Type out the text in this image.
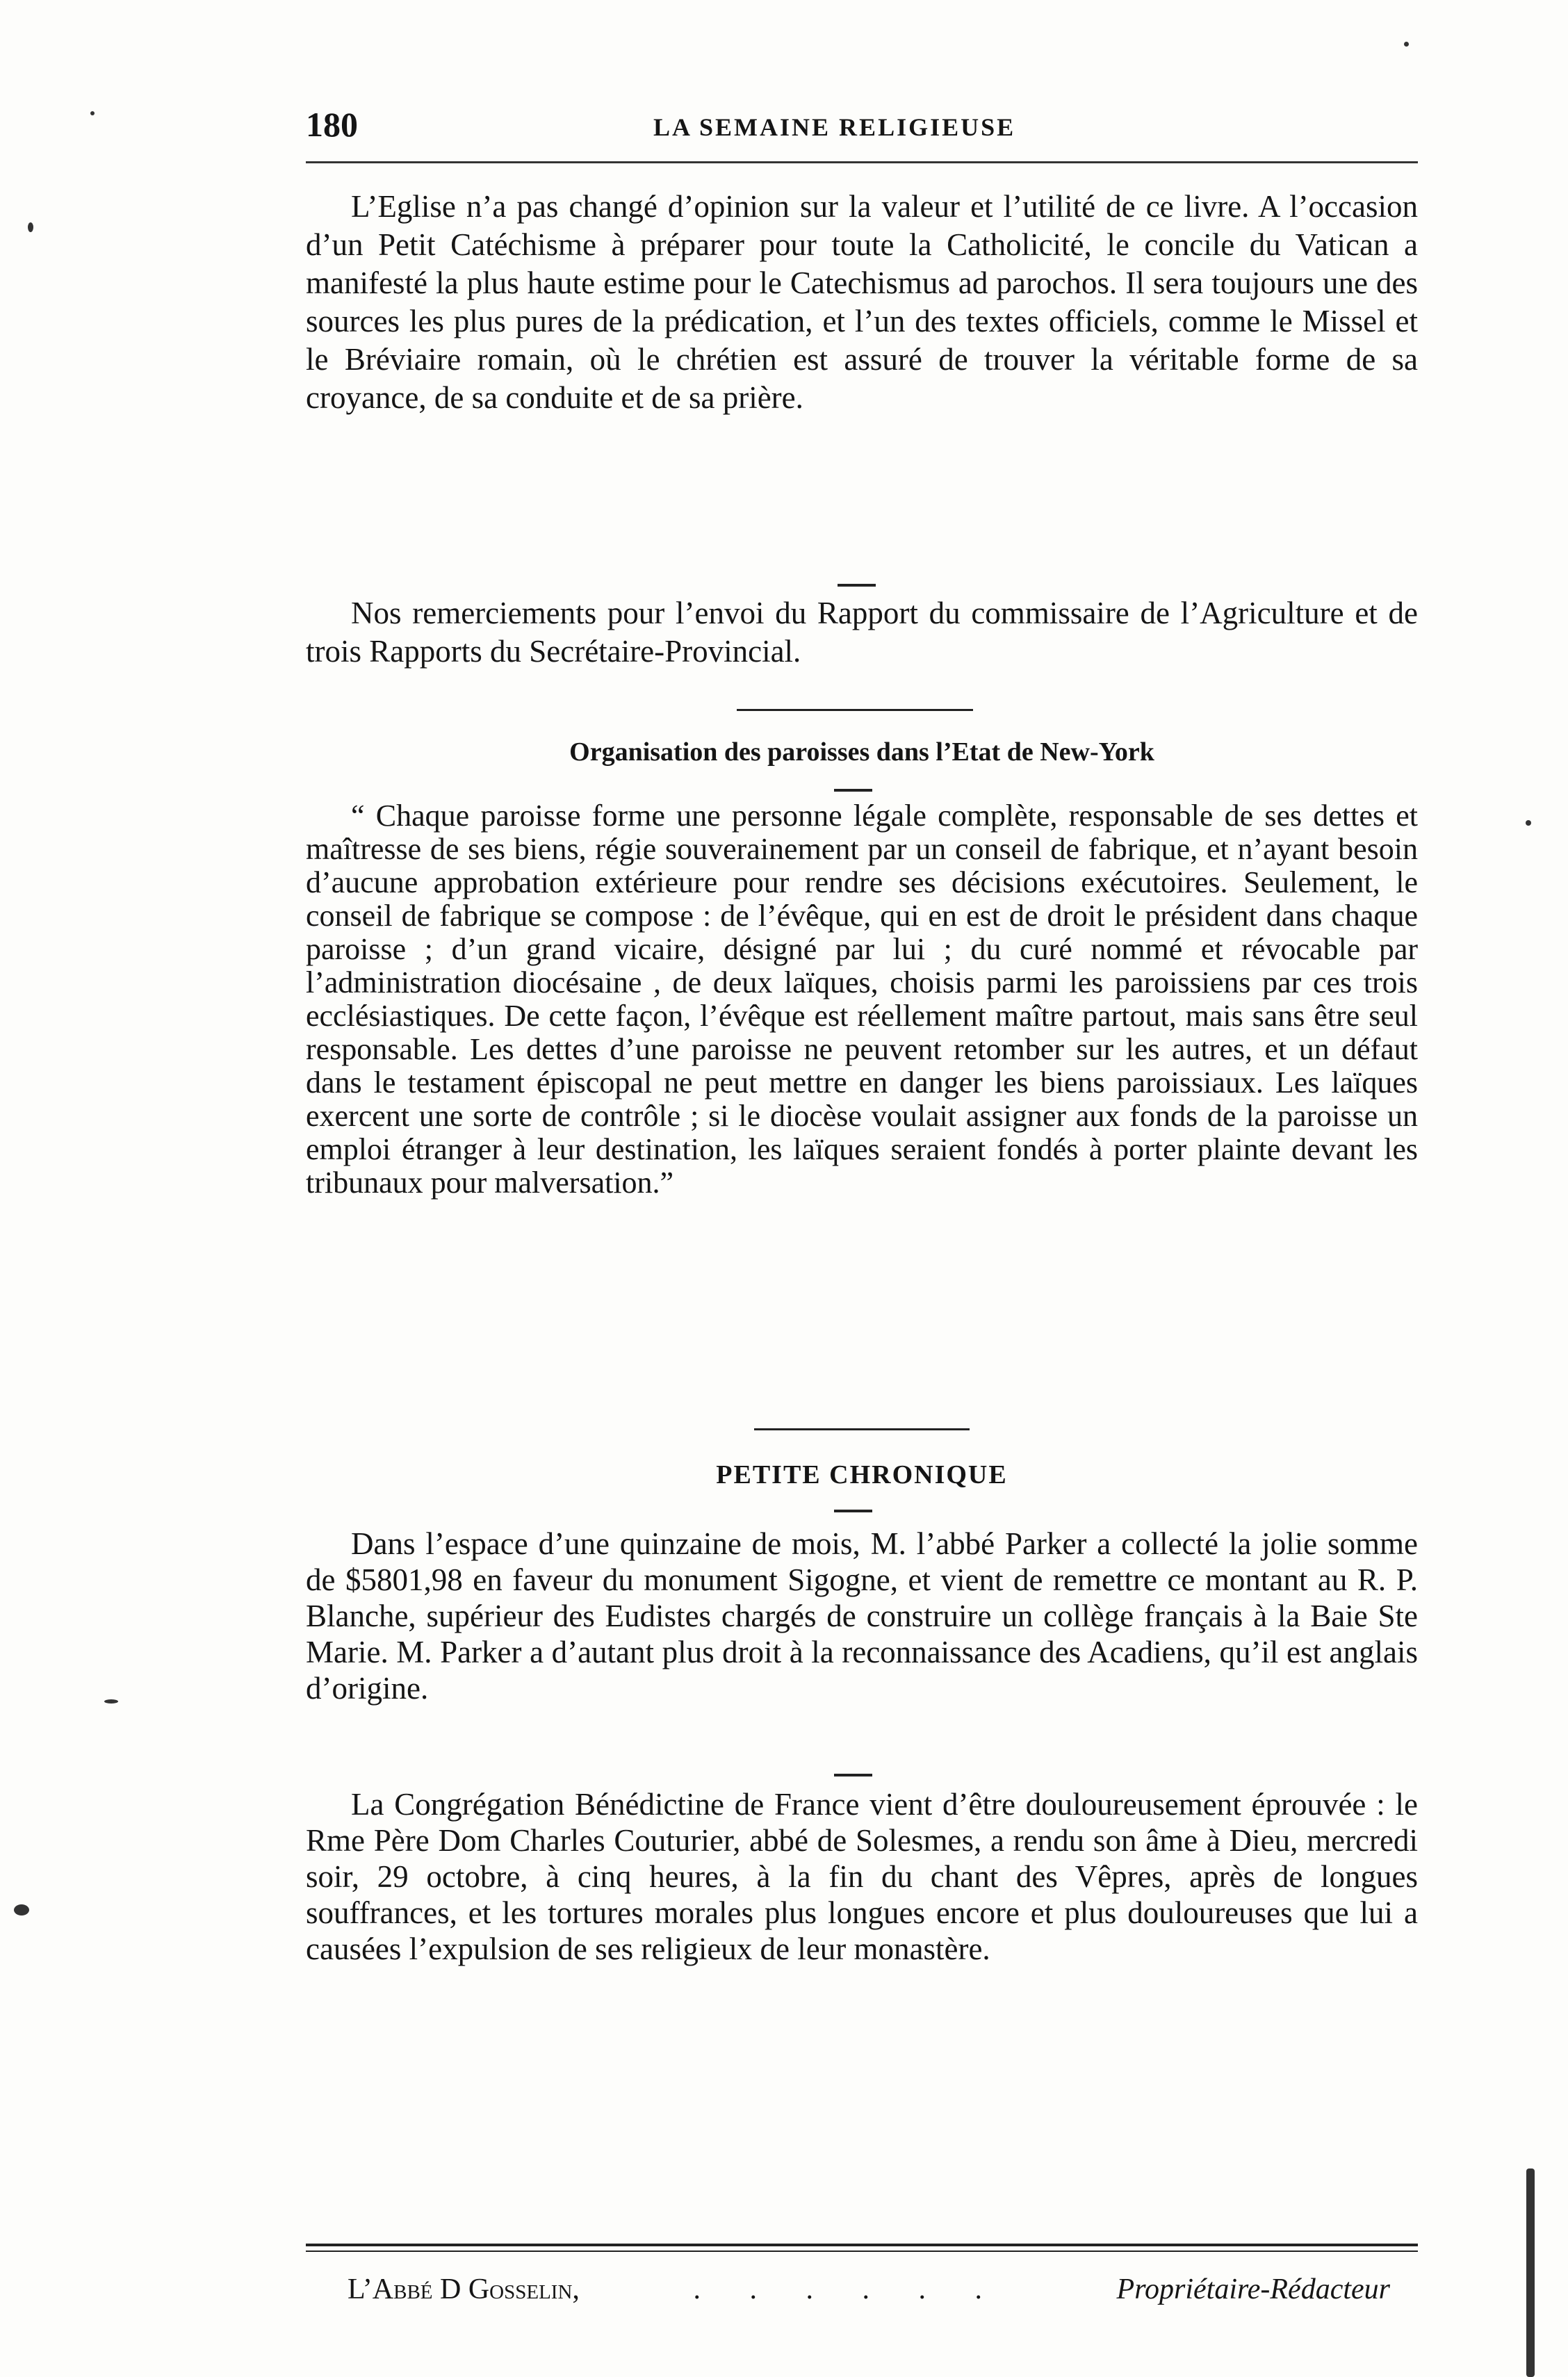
180	LA SEMAINE RELIGIEUSE

L’Eglise n’a pas changé d’opinion sur la valeur et l’utilité de ce livre. A l’occasion d’un Petit Catéchisme à préparer pour toute la Catholicité, le concile du Vatican a manifesté la plus haute estime pour le Catechismus ad parochos. Il sera toujours une des sources les plus pures de la prédication, et l’un des textes officiels, comme le Missel et le Bréviaire romain, où le chrétien est assuré de trouver la véritable forme de sa croyance, de sa conduite et de sa prière.

Nos remerciements pour l’envoi du Rapport du commissaire de l’Agriculture et de trois Rapports du Secrétaire-Provincial.

Organisation des paroisses dans l’Etat de New-York

“ Chaque paroisse forme une personne légale complète, responsable de ses dettes et maîtresse de ses biens, régie souverainement par un conseil de fabrique, et n’ayant besoin d’aucune approbation extérieure pour rendre ses décisions exécutoires. Seulement, le conseil de fabrique se compose : de l’évêque, qui en est de droit le président dans chaque paroisse ; d’un grand vicaire, désigné par lui ; du curé nommé et révocable par l’administration diocésaine , de deux laïques, choisis parmi les paroissiens par ces trois ecclésiastiques. De cette façon, l’évêque est réellement maître partout, mais sans être seul responsable. Les dettes d’une paroisse ne peuvent retomber sur les autres, et un défaut dans le testament épiscopal ne peut mettre en danger les biens paroissiaux. Les laïques exercent une sorte de contrôle ; si le diocèse voulait assigner aux fonds de la paroisse un emploi étranger à leur destination, les laïques seraient fondés à porter plainte devant les tribunaux pour malversation.”

PETITE CHRONIQUE

Dans l’espace d’une quinzaine de mois, M. l’abbé Parker a collecté la jolie somme de $5801,98 en faveur du monument Sigogne, et vient de remettre ce montant au R. P. Blanche, supérieur des Eudistes chargés de construire un collège français à la Baie Ste Marie. M. Parker a d’autant plus droit à la reconnaissance des Acadiens, qu’il est anglais d’origine.

La Congrégation Bénédictine de France vient d’être douloureusement éprouvée : le Rme Père Dom Charles Couturier, abbé de Solesmes, a rendu son âme à Dieu, mercredi soir, 29 octobre, à cinq heures, à la fin du chant des Vêpres, après de longues souffrances, et les tortures morales plus longues encore et plus douloureuses que lui a causées l’expulsion de ses religieux de leur monastère.

L’Abbé D Gosselin,	. . . . . .	Propriétaire-Rédacteur
